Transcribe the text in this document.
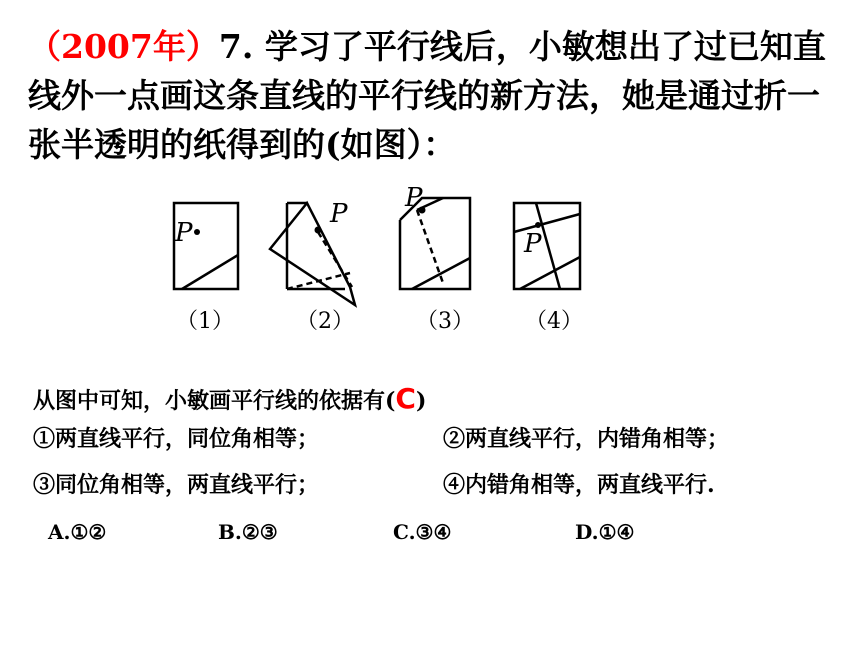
（2007年）7. 学习了平行线后，小敏想出了过已知直线外一点画这条直线的平行线的新方法，她是通过折一张半透明的纸得到的(如图）：
P
（1）
P
（2）
P
（3）
P
（4）
从图中可知，小敏画平行线的依据有(C)
①两直线平行，同位角相等；	②两直线平行，内错角相等；
③同位角相等，两直线平行；	④内错角相等，两直线平行.
A.①②	B.②③	C.③④	D.①④
